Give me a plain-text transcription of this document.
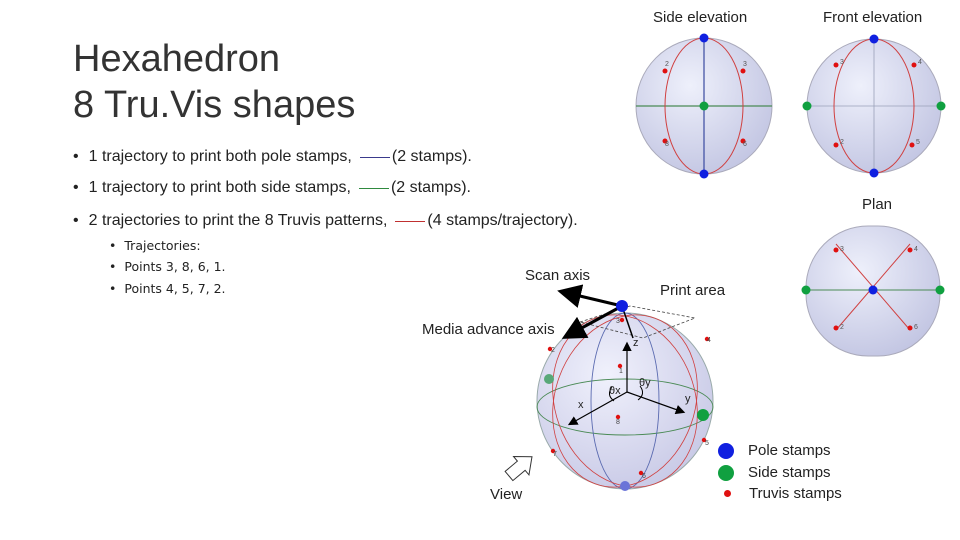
Hexahedron
8 Tru.Vis shapes
• 1 trajectory to print both pole stamps,	(2 stamps).
• 1 trajectory to print both side stamps,	(2 stamps).
• 2 trajectories to print the 8 Truvis patterns,	(4 stamps/trajectory).
• Trajectories:
• Points 3, 8, 6, 1.
• Points 4, 5, 7, 2.
Side elevation	Front elevation
Plan
2	3
8	6
3	4
2	5
3	4
2	6
3
4
2
1
8
5
7
6
z
x	y
θx
θy
Scan axis
Print area
Media advance axis
View
Pole stamps
Side stamps
Truvis stamps
